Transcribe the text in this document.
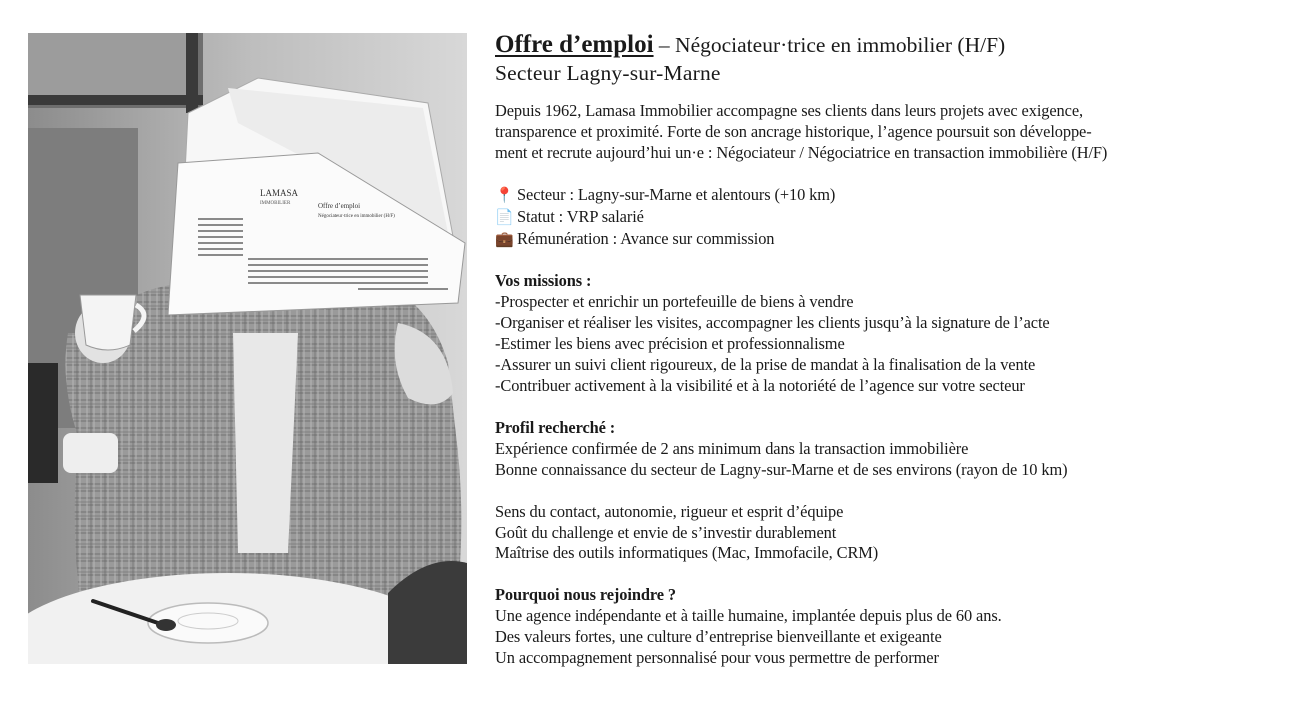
LAMASA
IMMOBILIER	Offre d’emploi
Négociateur·trice en immobilier (H/F)
Offre d’emploi – Négociateur·trice en immobilier (H/F)
Secteur Lagny-sur-Marne
Depuis 1962, Lamasa Immobilier accompagne ses clients dans leurs projets avec exigence,
transparence et proximité. Forte de son ancrage historique, l’agence poursuit son développe-
ment et recrute aujourd’hui un·e : Négociateur / Négociatrice en transaction immobilière (H/F)
📍 Secteur : Lagny-sur-Marne et alentours (+10 km)
📄 Statut : VRP salarié
💼 Rémunération : Avance sur commission
Vos missions :
-Prospecter et enrichir un portefeuille de biens à vendre
-Organiser et réaliser les visites, accompagner les clients jusqu’à la signature de l’acte
-Estimer les biens avec précision et professionnalisme
-Assurer un suivi client rigoureux, de la prise de mandat à la finalisation de la vente
-Contribuer activement à la visibilité et à la notoriété de l’agence sur votre secteur
Profil recherché :
Expérience confirmée de 2 ans minimum dans la transaction immobilière
Bonne connaissance du secteur de Lagny-sur-Marne et de ses environs (rayon de 10 km)
Sens du contact, autonomie, rigueur et esprit d’équipe
Goût du challenge et envie de s’investir durablement
Maîtrise des outils informatiques (Mac, Immofacile, CRM)
Pourquoi nous rejoindre ?
Une agence indépendante et à taille humaine, implantée depuis plus de 60 ans.
Des valeurs fortes, une culture d’entreprise bienveillante et exigeante
Un accompagnement personnalisé pour vous permettre de performer
